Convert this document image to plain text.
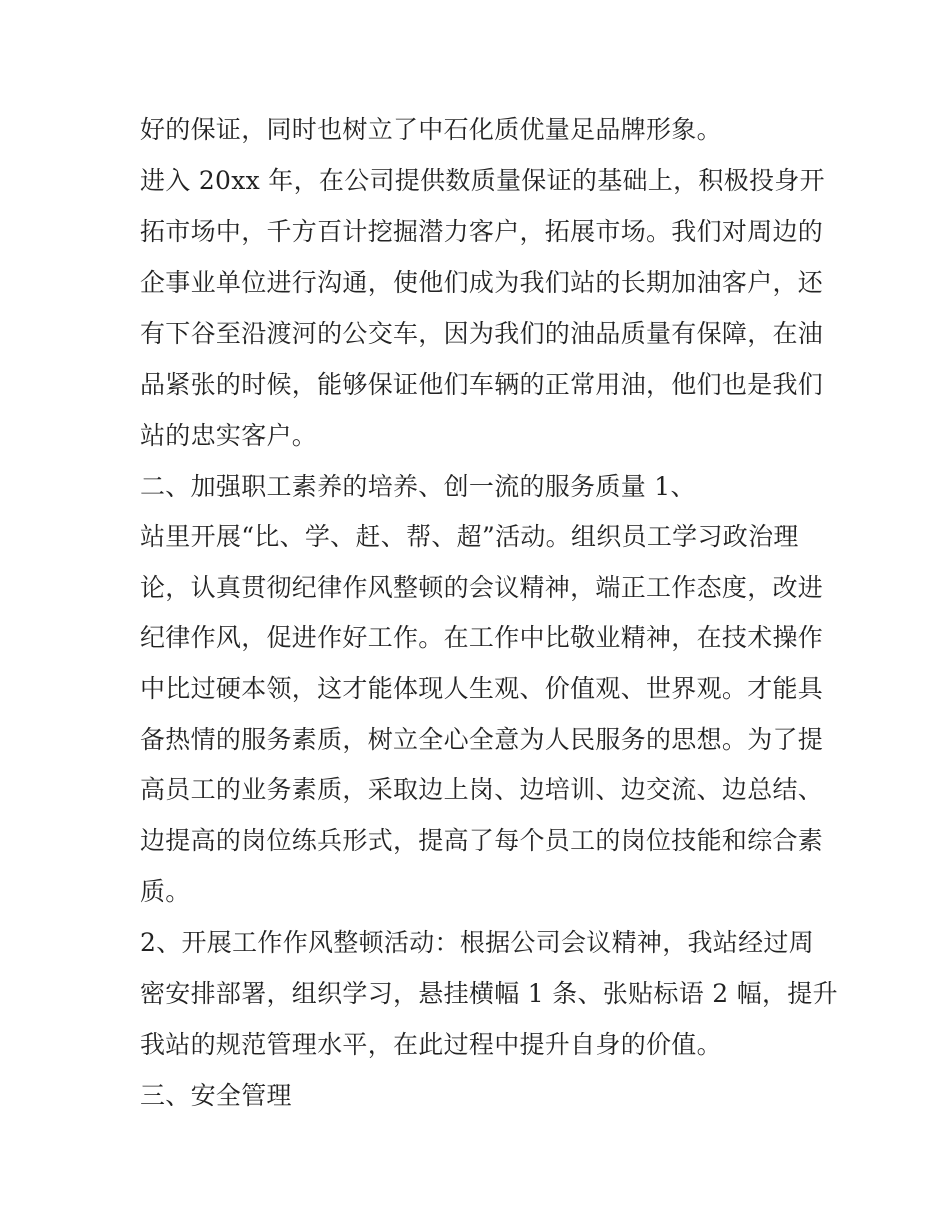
好的保证，同时也树立了中石化质优量足品牌形象。
进入 20xx 年，在公司提供数质量保证的基础上，积极投身开
拓市场中，千方百计挖掘潜力客户，拓展市场。我们对周边的
企事业单位进行沟通，使他们成为我们站的长期加油客户，还
有下谷至沿渡河的公交车，因为我们的油品质量有保障，在油
品紧张的时候，能够保证他们车辆的正常用油，他们也是我们
站的忠实客户。
二、加强职工素养的培养、创一流的服务质量 1、
站里开展“比、学、赶、帮、超”活动。组织员工学习政治理
论，认真贯彻纪律作风整顿的会议精神，端正工作态度，改进
纪律作风，促进作好工作。在工作中比敬业精神，在技术操作
中比过硬本领，这才能体现人生观、价值观、世界观。才能具
备热情的服务素质，树立全心全意为人民服务的思想。为了提
高员工的业务素质，采取边上岗、边培训、边交流、边总结、
边提高的岗位练兵形式，提高了每个员工的岗位技能和综合素
质。
2、开展工作作风整顿活动：根据公司会议精神，我站经过周
密安排部署，组织学习，悬挂横幅 1 条、张贴标语 2 幅，提升
我站的规范管理水平，在此过程中提升自身的价值。
三、安全管理
